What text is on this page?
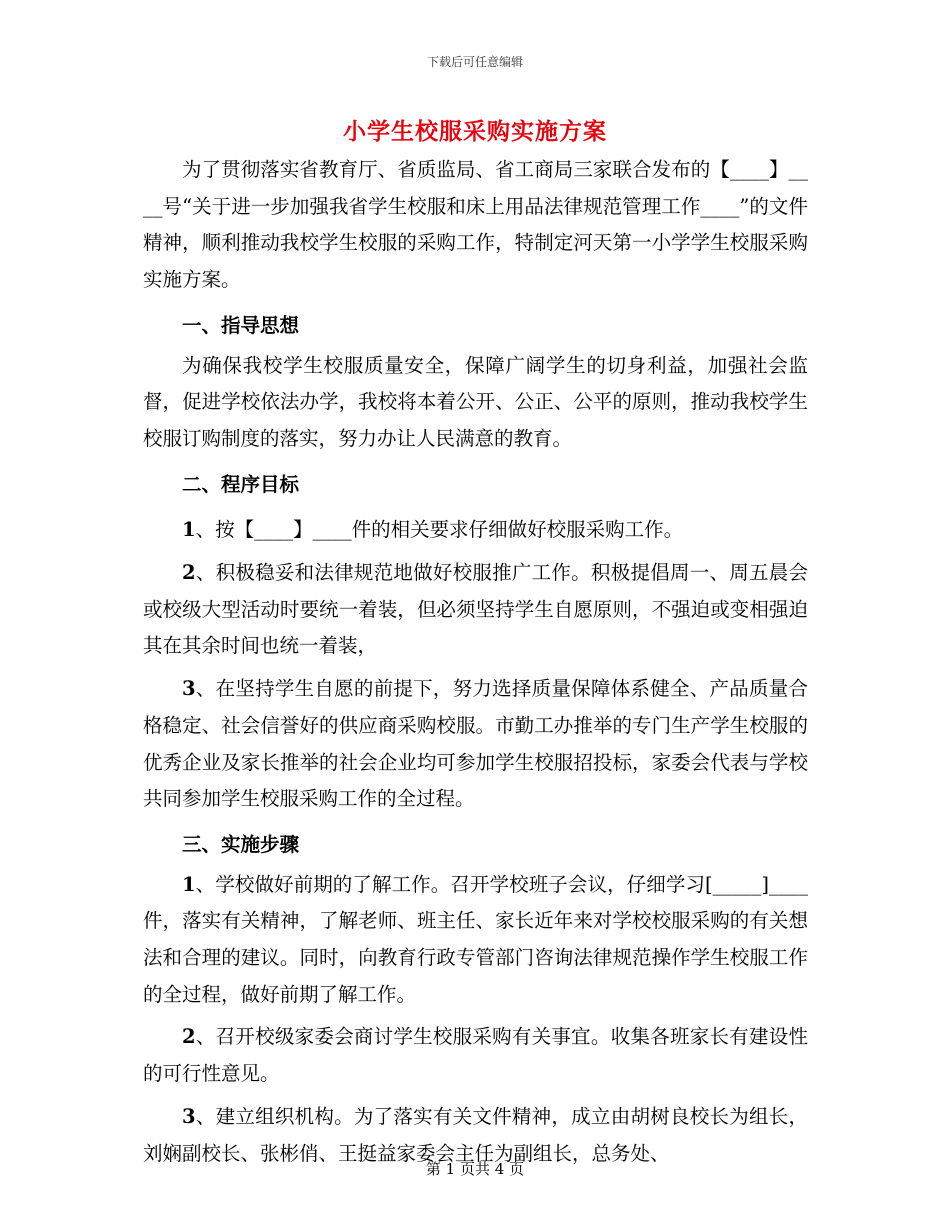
下载后可任意编辑
小学生校服采购实施方案

为了贯彻落实省教育厅、省质监局、省工商局三家联合发布的【____】____号“关于进一步加强我省学生校服和床上用品法律规范管理工作____”的文件精神，顺利推动我校学生校服的采购工作，特制定河天第一小学学生校服采购实施方案。

一、指导思想

为确保我校学生校服质量安全，保障广阔学生的切身利益，加强社会监督，促进学校依法办学，我校将本着公开、公正、公平的原则，推动我校学生校服订购制度的落实，努力办让人民满意的教育。

二、程序目标

1、按【____】____件的相关要求仔细做好校服采购工作。

2、积极稳妥和法律规范地做好校服推广工作。积极提倡周一、周五晨会或校级大型活动时要统一着装，但必须坚持学生自愿原则，不强迫或变相强迫其在其余时间也统一着装，

3、在坚持学生自愿的前提下，努力选择质量保障体系健全、产品质量合格稳定、社会信誉好的供应商采购校服。市勤工办推举的专门生产学生校服的优秀企业及家长推举的社会企业均可参加学生校服招投标，家委会代表与学校共同参加学生校服采购工作的全过程。

三、实施步骤

1、学校做好前期的了解工作。召开学校班子会议，仔细学习[_____]____件，落实有关精神，了解老师、班主任、家长近年来对学校校服采购的有关想法和合理的建议。同时，向教育行政专管部门咨询法律规范操作学生校服工作的全过程，做好前期了解工作。

2、召开校级家委会商讨学生校服采购有关事宜。收集各班家长有建设性的可行性意见。

3、建立组织机构。为了落实有关文件精神，成立由胡树良校长为组长，刘娴副校长、张彬俏、王挺益家委会主任为副组长，总务处、

第 1 页共 4 页
